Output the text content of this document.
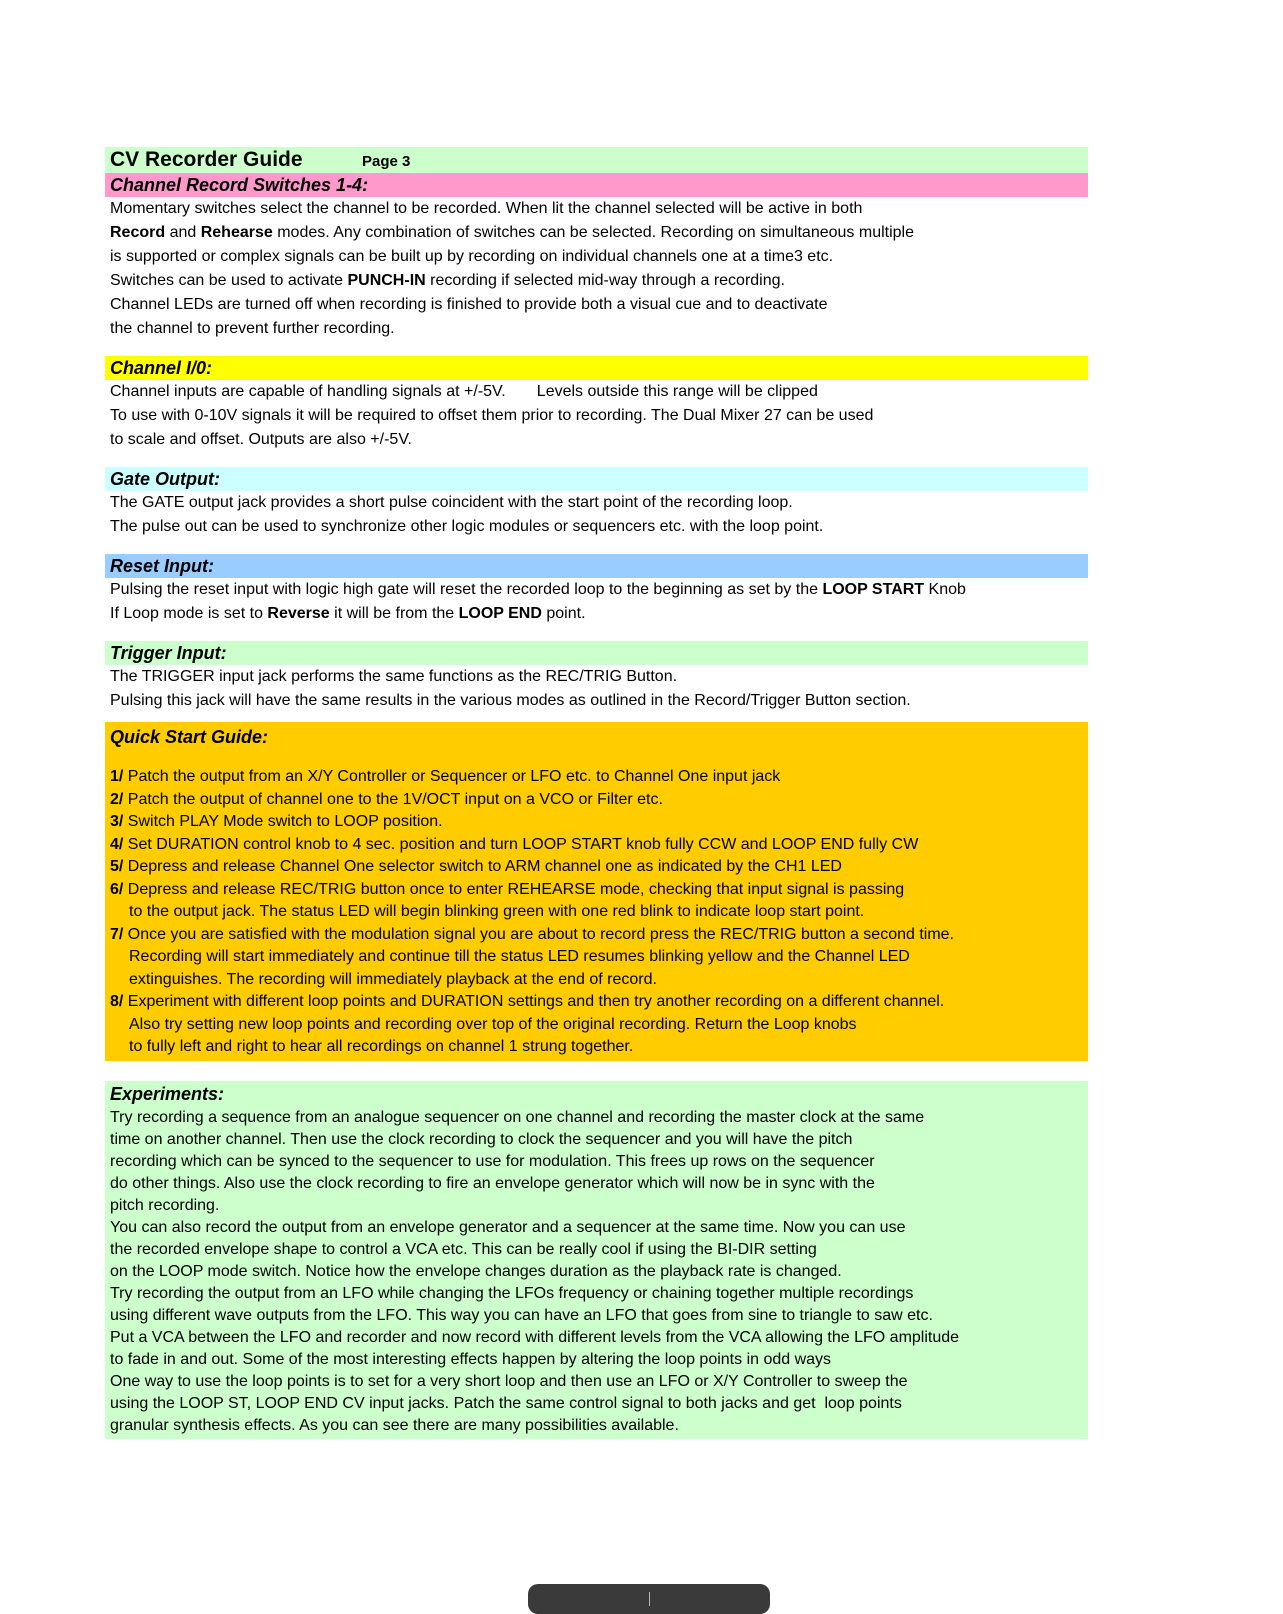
CV Recorder Guide	Page 3
Channel Record Switches 1-4:
Momentary switches select the channel to be recorded. When lit the channel selected will be active in both
Record and Rehearse modes. Any combination of switches can be selected. Recording on simultaneous multiple
is supported or complex signals can be built up by recording on individual channels one at a time3 etc.
Switches can be used to activate PUNCH-IN recording if selected mid-way through a recording.
Channel LEDs are turned off when recording is finished to provide both a visual cue and to deactivate
the channel to prevent further recording.
Channel I/0:
Channel inputs are capable of handling signals at +/-5V.       Levels outside this range will be clipped
To use with 0-10V signals it will be required to offset them prior to recording. The Dual Mixer 27 can be used
to scale and offset. Outputs are also +/-5V.
Gate Output:
The GATE output jack provides a short pulse coincident with the start point of the recording loop.
The pulse out can be used to synchronize other logic modules or sequencers etc. with the loop point.
Reset Input:
Pulsing the reset input with logic high gate will reset the recorded loop to the beginning as set by the LOOP START Knob
If Loop mode is set to Reverse it will be from the LOOP END point.
Trigger Input:
The TRIGGER input jack performs the same functions as the REC/TRIG Button.
Pulsing this jack will have the same results in the various modes as outlined in the Record/Trigger Button section.
Quick Start Guide:
1/ Patch the output from an X/Y Controller or Sequencer or LFO etc. to Channel One input jack
2/ Patch the output of channel one to the 1V/OCT input on a VCO or Filter etc.
3/ Switch PLAY Mode switch to LOOP position.
4/ Set DURATION control knob to 4 sec. position and turn LOOP START knob fully CCW and LOOP END fully CW
5/ Depress and release Channel One selector switch to ARM channel one as indicated by the CH1 LED
6/ Depress and release REC/TRIG button once to enter REHEARSE mode, checking that input signal is passing
to the output jack. The status LED will begin blinking green with one red blink to indicate loop start point.
7/ Once you are satisfied with the modulation signal you are about to record press the REC/TRIG button a second time.
Recording will start immediately and continue till the status LED resumes blinking yellow and the Channel LED
extinguishes. The recording will immediately playback at the end of record.
8/ Experiment with different loop points and DURATION settings and then try another recording on a different channel.
Also try setting new loop points and recording over top of the original recording. Return the Loop knobs
to fully left and right to hear all recordings on channel 1 strung together.
Experiments:
Try recording a sequence from an analogue sequencer on one channel and recording the master clock at the same
time on another channel. Then use the clock recording to clock the sequencer and you will have the pitch
recording which can be synced to the sequencer to use for modulation. This frees up rows on the sequencer
do other things. Also use the clock recording to fire an envelope generator which will now be in sync with the
pitch recording.
You can also record the output from an envelope generator and a sequencer at the same time. Now you can use
the recorded envelope shape to control a VCA etc. This can be really cool if using the BI-DIR setting
on the LOOP mode switch. Notice how the envelope changes duration as the playback rate is changed.
Try recording the output from an LFO while changing the LFOs frequency or chaining together multiple recordings
using different wave outputs from the LFO. This way you can have an LFO that goes from sine to triangle to saw etc.
Put a VCA between the LFO and recorder and now record with different levels from the VCA allowing the LFO amplitude
to fade in and out. Some of the most interesting effects happen by altering the loop points in odd ways
One way to use the loop points is to set for a very short loop and then use an LFO or X/Y Controller to sweep the
using the LOOP ST, LOOP END CV input jacks. Patch the same control signal to both jacks and get  loop points
granular synthesis effects. As you can see there are many possibilities available.
